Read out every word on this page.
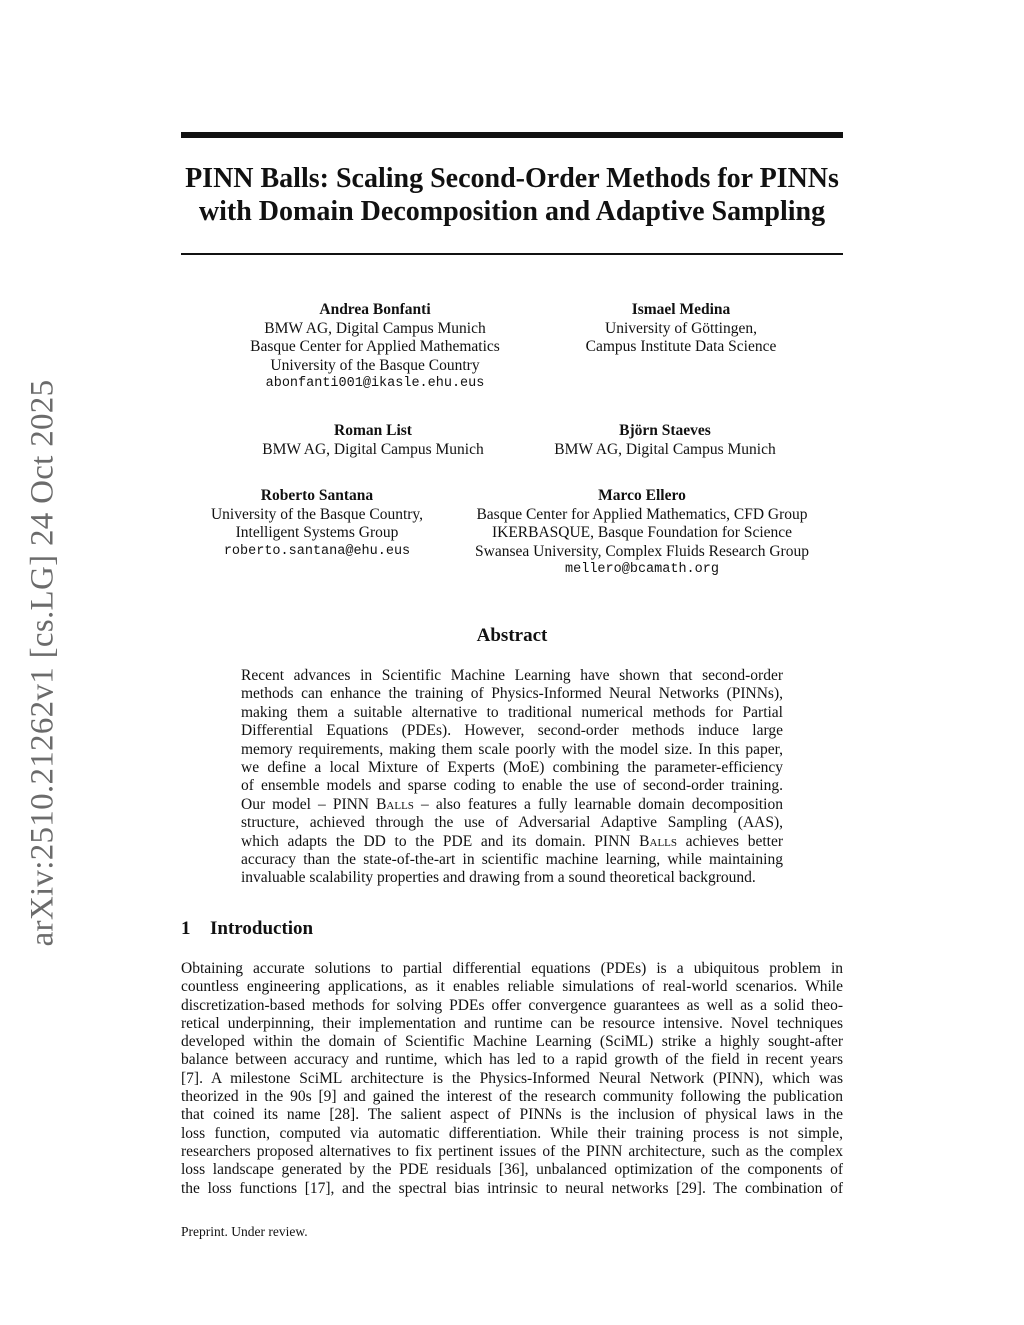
arXiv:2510.21262v1 [cs.LG] 24 Oct 2025
PINN Balls: Scaling Second-Order Methods for PINNs
with Domain Decomposition and Adaptive Sampling
Andrea Bonfanti
BMW AG, Digital Campus Munich
Basque Center for Applied Mathematics
University of the Basque Country
abonfanti001@ikasle.ehu.eus
Ismael Medina
University of Göttingen,
Campus Institute Data Science
Roman List
BMW AG, Digital Campus Munich
Björn Staeves
BMW AG, Digital Campus Munich
Roberto Santana
University of the Basque Country,
Intelligent Systems Group
roberto.santana@ehu.eus
Marco Ellero
Basque Center for Applied Mathematics, CFD Group
IKERBASQUE, Basque Foundation for Science
Swansea University, Complex Fluids Research Group
mellero@bcamath.org
Abstract
Recent advances in Scientific Machine Learning have shown that second-order
methods can enhance the training of Physics-Informed Neural Networks (PINNs),
making them a suitable alternative to traditional numerical methods for Partial
Differential Equations (PDEs). However, second-order methods induce large
memory requirements, making them scale poorly with the model size. In this paper,
we define a local Mixture of Experts (MoE) combining the parameter-efficiency
of ensemble models and sparse coding to enable the use of second-order training.
Our model – PINN Balls – also features a fully learnable domain decomposition
structure, achieved through the use of Adversarial Adaptive Sampling (AAS),
which adapts the DD to the PDE and its domain. PINN Balls achieves better
accuracy than the state-of-the-art in scientific machine learning, while maintaining
invaluable scalability properties and drawing from a sound theoretical background.
1 Introduction
Obtaining accurate solutions to partial differential equations (PDEs) is a ubiquitous problem in
countless engineering applications, as it enables reliable simulations of real-world scenarios. While
discretization-based methods for solving PDEs offer convergence guarantees as well as a solid theo-
retical underpinning, their implementation and runtime can be resource intensive. Novel techniques
developed within the domain of Scientific Machine Learning (SciML) strike a highly sought-after
balance between accuracy and runtime, which has led to a rapid growth of the field in recent years
[7]. A milestone SciML architecture is the Physics-Informed Neural Network (PINN), which was
theorized in the 90s [9] and gained the interest of the research community following the publication
that coined its name [28]. The salient aspect of PINNs is the inclusion of physical laws in the
loss function, computed via automatic differentiation. While their training process is not simple,
researchers proposed alternatives to fix pertinent issues of the PINN architecture, such as the complex
loss landscape generated by the PDE residuals [36], unbalanced optimization of the components of
the loss functions [17], and the spectral bias intrinsic to neural networks [29]. The combination of
Preprint. Under review.
